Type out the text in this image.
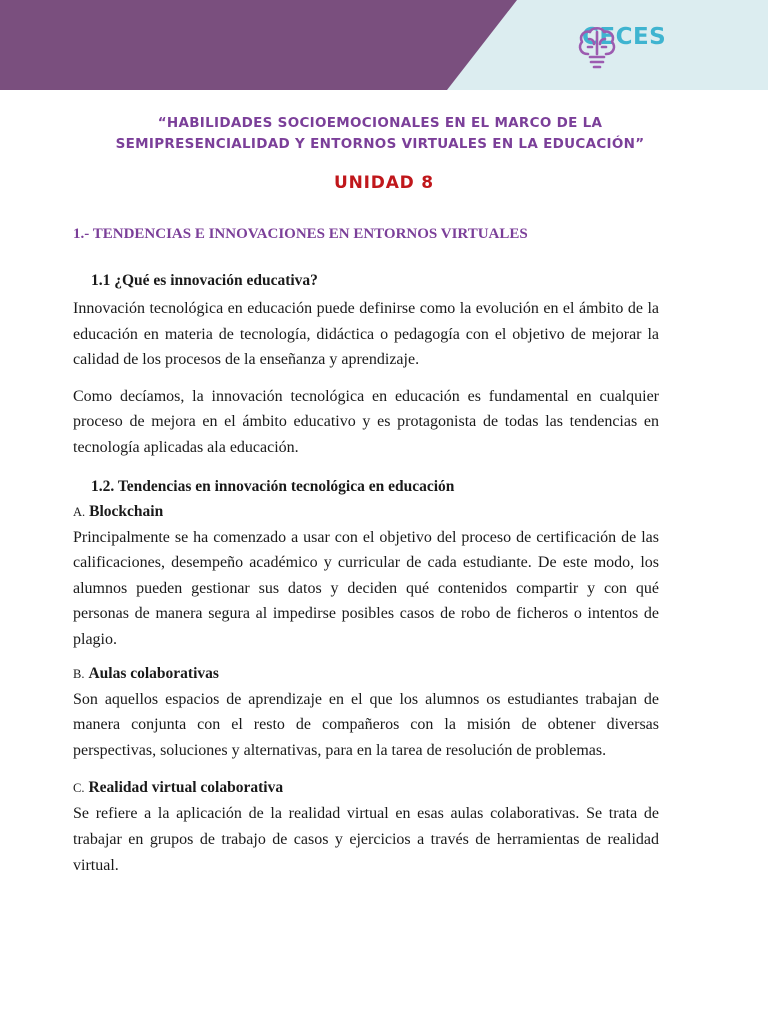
CECES
“HABILIDADES SOCIOEMOCIONALES EN EL MARCO DE LA
SEMIPRESENCIALIDAD Y ENTORNOS VIRTUALES EN LA EDUCACIÓN”
UNIDAD 8
1.- TENDENCIAS E INNOVACIONES EN ENTORNOS VIRTUALES
1.1 ¿Qué es innovación educativa?

Innovación tecnológica en educación puede definirse como la evolución en el ámbito de la educación en materia de tecnología, didáctica o pedagogía con el objetivo de mejorar la calidad de los procesos de la enseñanza y aprendizaje.

Como decíamos, la innovación tecnológica en educación es fundamental en cualquier proceso de mejora en el ámbito educativo y es protagonista de todas las tendencias en tecnología aplicadas ala educación.

1.2. Tendencias en innovación tecnológica en educación
A. Blockchain

Principalmente se ha comenzado a usar con el objetivo del proceso de certificación de las calificaciones, desempeño académico y curricular de cada estudiante. De este modo, los alumnos pueden gestionar sus datos y deciden qué contenidos compartir y con qué personas de manera segura al impedirse posibles casos de robo de ficheros o intentos de plagio.

B. Aulas colaborativas

Son aquellos espacios de aprendizaje en el que los alumnos os estudiantes trabajan de manera conjunta con el resto de compañeros con la misión de obtener diversas perspectivas, soluciones y alternativas, para en la tarea de resolución de problemas.

C. Realidad virtual colaborativa

Se refiere a la aplicación de la realidad virtual en esas aulas colaborativas. Se trata de trabajar en grupos de trabajo de casos y ejercicios a través de herramientas de realidad virtual.
